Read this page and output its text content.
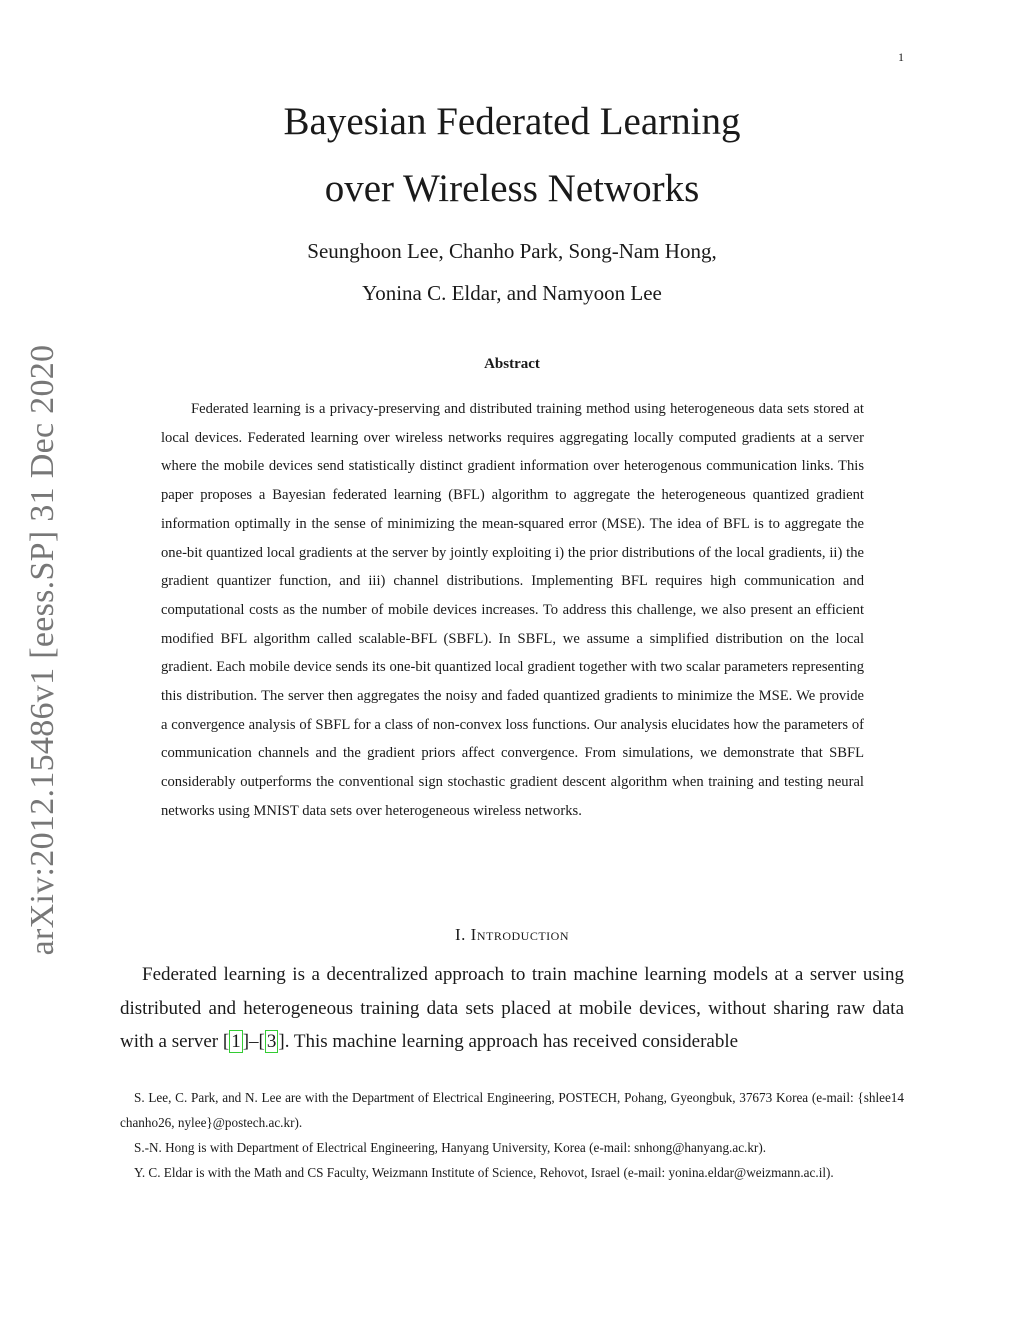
1
arXiv:2012.15486v1 [eess.SP] 31 Dec 2020
Bayesian Federated Learning
over Wireless Networks
Seunghoon Lee, Chanho Park, Song-Nam Hong,
Yonina C. Eldar, and Namyoon Lee
Abstract

Federated learning is a privacy-preserving and distributed training method using heterogeneous data sets stored at local devices. Federated learning over wireless networks requires aggregating locally computed gradients at a server where the mobile devices send statistically distinct gradient information over heterogenous communication links. This paper proposes a Bayesian federated learning (BFL) algorithm to aggregate the heterogeneous quantized gradient information optimally in the sense of minimizing the mean-squared error (MSE). The idea of BFL is to aggregate the one-bit quantized local gradients at the server by jointly exploiting i) the prior distributions of the local gradients, ii) the gradient quantizer function, and iii) channel distributions. Implementing BFL requires high communication and computational costs as the number of mobile devices increases. To address this challenge, we also present an efficient modified BFL algorithm called scalable-BFL (SBFL). In SBFL, we assume a simplified distribution on the local gradient. Each mobile device sends its one-bit quantized local gradient together with two scalar parameters representing this distribution. The server then aggregates the noisy and faded quantized gradients to minimize the MSE. We provide a convergence analysis of SBFL for a class of non-convex loss functions. Our analysis elucidates how the parameters of communication channels and the gradient priors affect convergence. From simulations, we demonstrate that SBFL considerably outperforms the conventional sign stochastic gradient descent algorithm when training and testing neural networks using MNIST data sets over heterogeneous wireless networks.

I. Introduction

Federated learning is a decentralized approach to train machine learning models at a server using distributed and heterogeneous training data sets placed at mobile devices, without sharing raw data with a server [ 1 ]–[ 3 ]. This machine learning approach has received considerable

S. Lee, C. Park, and N. Lee are with the Department of Electrical Engineering, POSTECH, Pohang, Gyeongbuk, 37673 Korea (e-mail: {shlee14 chanho26, nylee}@postech.ac.kr).

S.-N. Hong is with Department of Electrical Engineering, Hanyang University, Korea (e-mail: snhong@hanyang.ac.kr).

Y. C. Eldar is with the Math and CS Faculty, Weizmann Institute of Science, Rehovot, Israel (e-mail: yonina.eldar@weizmann.ac.il).
